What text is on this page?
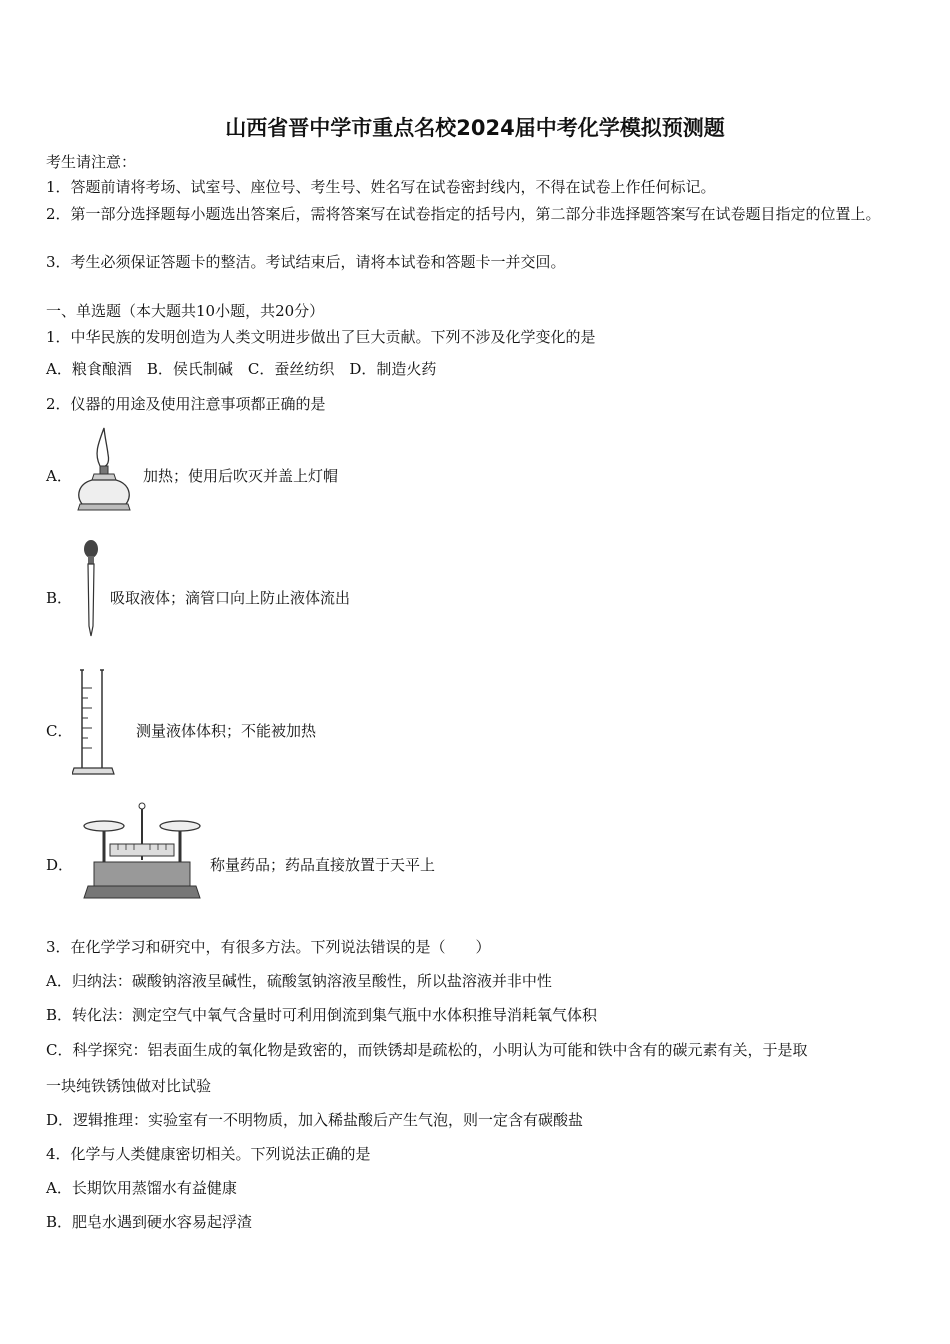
山西省晋中学市重点名校2024届中考化学模拟预测题
考生请注意：
1．答题前请将考场、试室号、座位号、考生号、姓名写在试卷密封线内，不得在试卷上作任何标记。
2．第一部分选择题每小题选出答案后，需将答案写在试卷指定的括号内，第二部分非选择题答案写在试卷题目指定的位置上。
3．考生必须保证答题卡的整洁。考试结束后，请将本试卷和答题卡一并交回。
一、单选题（本大题共10小题，共20分）
1．中华民族的发明创造为人类文明进步做出了巨大贡献。下列不涉及化学变化的是
A．粮食酿酒　B．侯氏制碱　C．蚕丝纺织　D．制造火药
2．仪器的用途及使用注意事项都正确的是
A．	加热；使用后吹灭并盖上灯帽
B．	吸取液体；滴管口向上防止液体流出
C．	测量液体体积；不能被加热
D．	称量药品；药品直接放置于天平上
3．在化学学习和研究中，有很多方法。下列说法错误的是（　　）
A．归纳法：碳酸钠溶液呈碱性，硫酸氢钠溶液呈酸性，所以盐溶液并非中性
B．转化法：测定空气中氧气含量时可利用倒流到集气瓶中水体积推导消耗氧气体积
C．科学探究：铝表面生成的氧化物是致密的，而铁锈却是疏松的，小明认为可能和铁中含有的碳元素有关，于是取
一块纯铁锈蚀做对比试验
D．逻辑推理：实验室有一不明物质，加入稀盐酸后产生气泡，则一定含有碳酸盐
4．化学与人类健康密切相关。下列说法正确的是
A．长期饮用蒸馏水有益健康
B．肥皂水遇到硬水容易起浮渣
